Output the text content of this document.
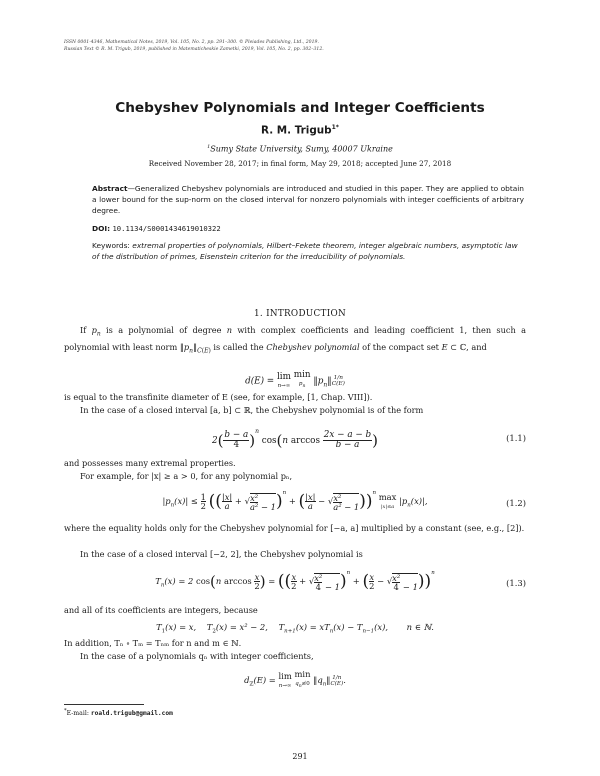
ISSN 0001-4346, Mathematical Notes, 2019, Vol. 105, No. 2, pp. 291–300. © Pleiades Publishing, Ltd., 2019.
Russian Text © R. M. Trigub, 2019, published in Matematicheskie Zametki, 2019, Vol. 105, No. 2, pp. 302–312.
Chebyshev Polynomials and Integer Coefficients
R. M. Trigub$^{1*}$
$^1$Sumy State University, Sumy, 40007 Ukraine
Received November 28, 2017; in final form, May 29, 2018; accepted June 27, 2018
Abstract—Generalized Chebyshev polynomials are introduced and studied in this paper. They are applied to obtain a lower bound for the sup-norm on the closed interval for nonzero polynomials with integer coefficients of arbitrary degree.
DOI: 10.1134/S0001434619010322
Keywords: extremal properties of polynomials, Hilbert–Fekete theorem, integer algebraic numbers, asymptotic law of the distribution of primes, Eisenstein criterion for the irreducibility of polynomials.
1. INTRODUCTION
If $p_n$ is a polynomial of degree n with complex coefficients and leading coefficient 1, then such a polynomial with least norm $‖p_n‖_{C(E)}$ is called the Chebyshev polynomial of the compact set E ⊂ ℂ, and
d(E) = lim
n→∞ min
$p_n$ $‖p_n‖$ 1/n
C(E)
is equal to the transfinite diameter of E (see, for example, [1, Chap. VIII]).
In the case of a closed interval [a, b] ⊂ ℝ, the Chebyshev polynomial is of the form
$2( \frac{b - a}{4})^n$ cos(n $\arccos \frac{2x - a - b}{b - a}$)	(1.1)
and possesses many extremal properties.
For example, for |x| ≥ a > 0, for any polynomial pₙ,
$|p_n(x)| \le \frac{1}{2}$ (( $\frac{|x|}{a}$ + √ $\frac{\text{x²}}{\text{a²}} - 1)^n$ + ( $\frac{|x|}{a}$ − √ $\frac{\text{x²}}{\text{a²}} - 1))^n$ max
|x|≤a $|p_n(x)|$,	(1.2)
where the equality holds only for the Chebyshev polynomial for [−a, a] multiplied by a constant (see, e.g., [2]).
In the case of a closed interval [−2, 2], the Chebyshev polynomial is
$T_n(x) = 2$ cos(n $\arccos \frac{x}{2}$) = (( $\frac{x}{2}$ + √ $\frac{\text{x²}}{4} - 1)^n$ + ( $\frac{x}{2}$ − √ $\frac{\text{x²}}{4} - 1))^n$
(1.3)
and all of its coefficients are integers, because
$T_1(x) = x$,    $T_2(x) = x^2 - 2$,    $T_{n+1}(x) = xT_n(x) - T_{n-1}(x)$,       n ∈ ℕ.
In addition, Tₙ ∘ Tₘ = Tₙₘ for n and m ∈ ℕ.
In the case of a polynomials qₙ with integer coefficients,
$d_ℤ(E) = \lim$
n→∞ min
$q_n≢0$ $‖q_n‖$ 1/n
C(E).
*E-mail: roald.trigub@gmail.com
291
